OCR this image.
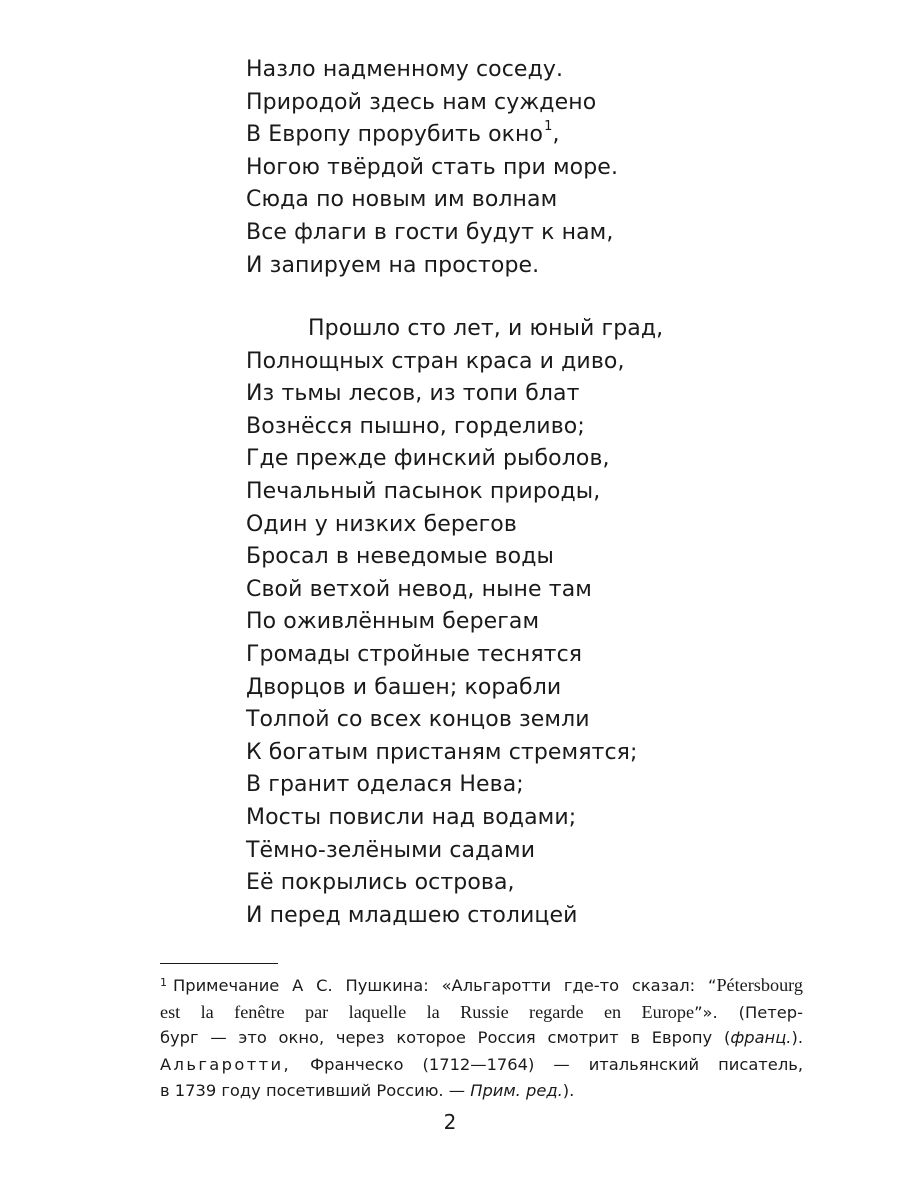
Назло надменному соседу.
Природой здесь нам суждено
В Европу прорубить окно$^1$,
Ногою твёрдой стать при море.
Сюда по новым им волнам
Все флаги в гости будут к нам,
И запируем на просторе.
Прошло сто лет, и юный град,
Полнощных стран краса и диво,
Из тьмы лесов, из топи блат
Вознёсся пышно, горделиво;
Где прежде финский рыболов,
Печальный пасынок природы,
Один у низких берегов
Бросал в неведомые воды
Свой ветхой невод, ныне там
По оживлённым берегам
Громады стройные теснятся
Дворцов и башен; корабли
Толпой со всех концов земли
К богатым пристаням стремятся;
В гранит оделася Нева;
Мосты повисли над водами;
Тёмно-зелёными садами
Её покрылись острова,
И перед младшею столицей
$^1$ Примечание А С. Пушкина: «Альгаротти где-то сказал: “Pétersbourg
est la fenêtre par laquelle la Russie regarde en Europe”». (Петер-
бург — это окно, через которое Россия смотрит в Европу (франц.).
Альгаротти, Франческо (1712—1764) — итальянский писатель,
в 1739 году посетивший Россию. — Прим. ред.).
2
